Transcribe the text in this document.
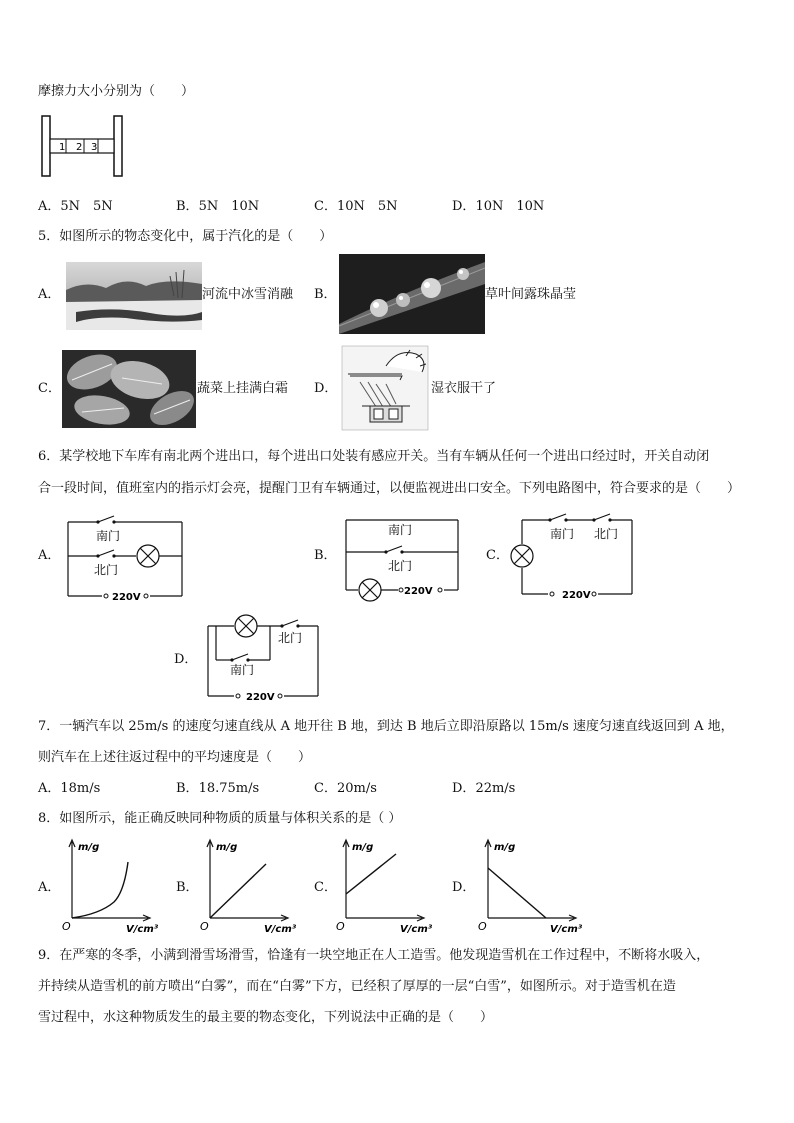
摩擦力大小分别为（　　）
1 2 3
A．5N　5N	B．5N　10N	C．10N　5N	D．10N　10N
5．如图所示的物态变化中，属于汽化的是（　　）
A．	河流中冰雪消融 B．	草叶间露珠晶莹
C．	蔬菜上挂满白霜 D．	湿衣服干了
6．某学校地下车库有南北两个进出口，每个进出口处装有感应开关。当有车辆从任何一个进出口经过时，开关自动闭
合一段时间，值班室内的指示灯会亮，提醒门卫有车辆通过，以便监视进出口安全。下列电路图中，符合要求的是（　　）
A．
南门
北门
220V
B．
南门
北门
220V
C．
南门 北门
220V
D．
北门
南门
220V
7．一辆汽车以 25m/s 的速度匀速直线从 A 地开往 B 地，到达 B 地后立即沿原路以 15m/s 速度匀速直线返回到 A 地，
则汽车在上述往返过程中的平均速度是（　　）
A．18m/s	B．18.75m/s	C．20m/s	D．22m/s
8．如图所示，能正确反映同种物质的质量与体积关系的是（ ）
A．
m/g
O	V/cm³
B．
m/g
O	V/cm³
C．
m/g
O	V/cm³
D．
m/g
O	V/cm³
9．在严寒的冬季，小满到滑雪场滑雪，恰逢有一块空地正在人工造雪。他发现造雪机在工作过程中，不断将水吸入，
并持续从造雪机的前方喷出“白雾”，而在“白雾”下方，已经积了厚厚的一层“白雪”，如图所示。对于造雪机在造
雪过程中，水这种物质发生的最主要的物态变化，下列说法中正确的是（　　）
